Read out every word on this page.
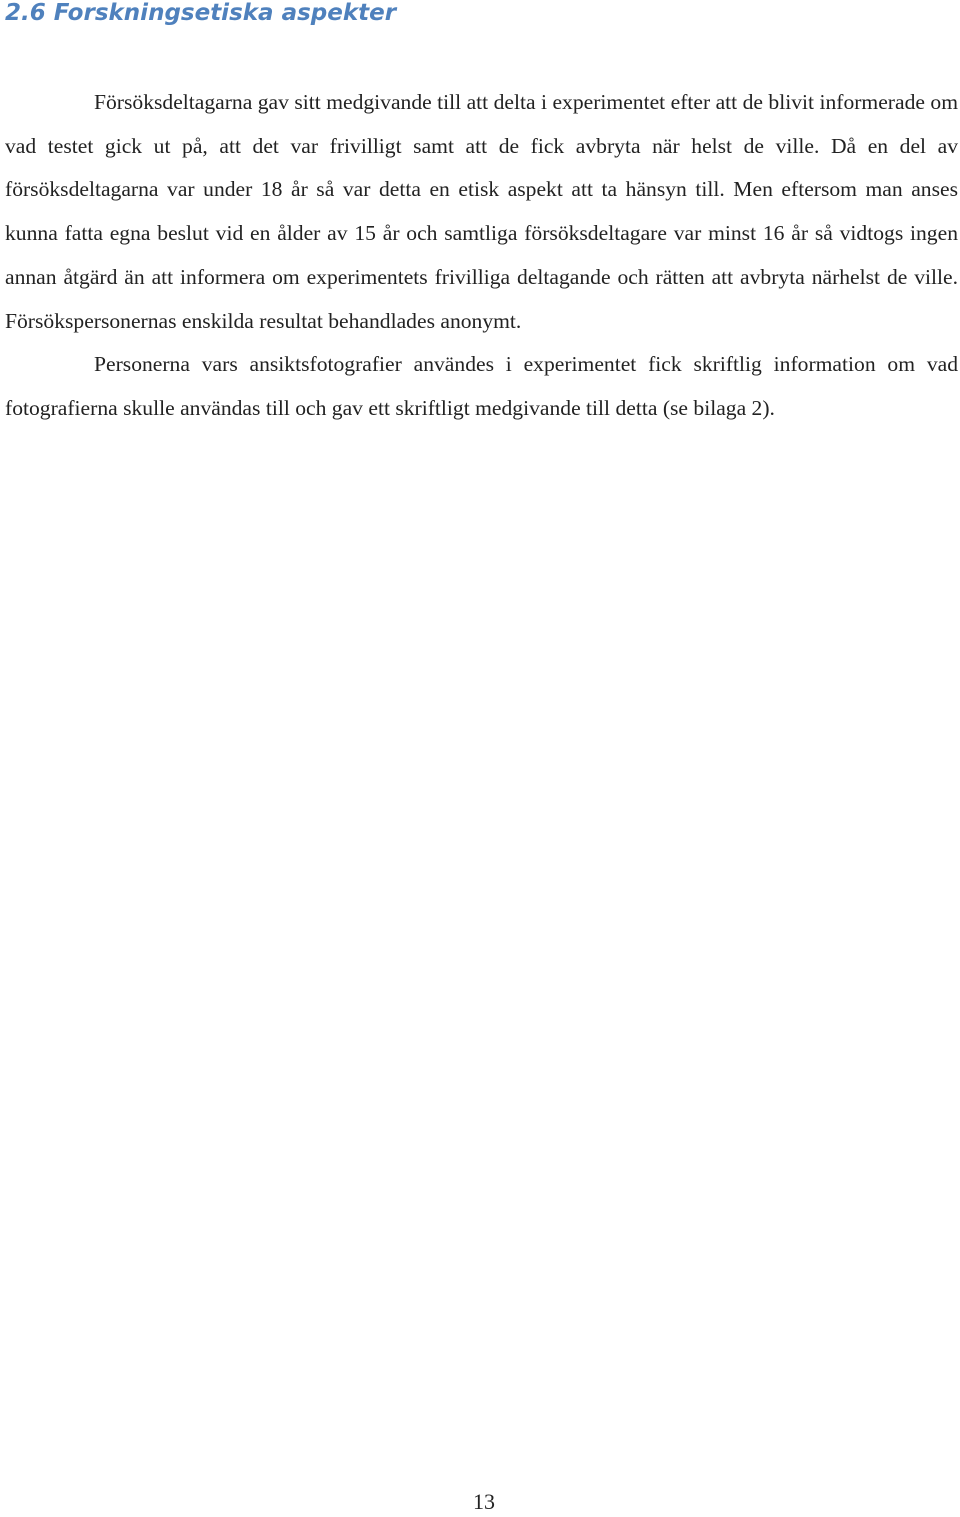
2.6 Forskningsetiska aspekter

Försöksdeltagarna gav sitt medgivande till att delta i experimentet efter att de blivit informerade om vad testet gick ut på, att det var frivilligt samt att de fick avbryta när helst de ville. Då en del av försöksdeltagarna var under 18 år så var detta en etisk aspekt att ta hänsyn till. Men eftersom man anses kunna fatta egna beslut vid en ålder av 15 år och samtliga försöksdeltagare var minst 16 år så vidtogs ingen annan åtgärd än att informera om experimentets frivilliga deltagande och rätten att avbryta närhelst de ville. Försökspersonernas enskilda resultat behandlades anonymt.

Personerna vars ansiktsfotografier användes i experimentet fick skriftlig information om vad fotografierna skulle användas till och gav ett skriftligt medgivande till detta (se bilaga 2).

13
